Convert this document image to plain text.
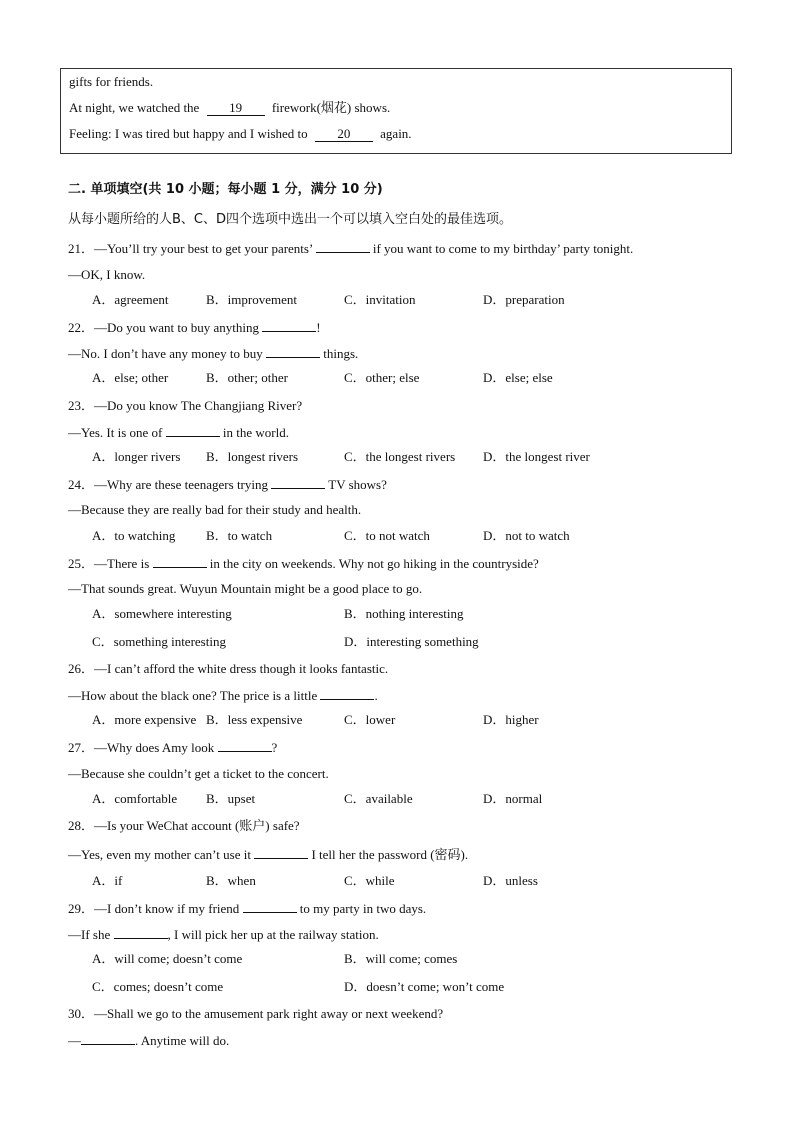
gifts for friends.
At night, we watched the 19 firework(烟花) shows.
Feeling: I was tired but happy and I wished to 20 again.
二. 单项填空(共 10 小题；每小题 1 分，满分 10 分)
从每小题所给的人B、C、D四个选项中选出一个可以填入空白处的最佳选项。
21．—You’ll try your best to get your parents’	if you want to come to my birthday’ party tonight.
—OK, I know.
A．agreement	B．improvement	C．invitation	D．preparation
22．—Do you want to buy anything	!
—No. I don’t have any money to buy	things.
A．else; other	B．other; other	C．other; else	D．else; else
23．—Do you know The Changjiang River?
—Yes. It is one of	in the world.
A．longer rivers B．longest rivers	C．the longest rivers D．the longest river
24．—Why are these teenagers trying	TV shows?
—Because they are really bad for their study and health.
A．to watching B．to watch	C．to not watch	D．not to watch
25．—There is	in the city on weekends. Why not go hiking in the countryside?
—That sounds great. Wuyun Mountain might be a good place to go.
A．somewhere interesting	B．nothing interesting
C．something interesting	D．interesting something
26．—I can’t afford the white dress though it looks fantastic.
—How about the black one? The price is a little	.
A．more expensive B．less expensive	C．lower	D．higher
27．—Why does Amy look	?
—Because she couldn’t get a ticket to the concert.
A．comfortable B．upset	C．available	D．normal
28．—Is your WeChat account (账户) safe?
—Yes, even my mother can’t use it	I tell her the password (密码).
A．if	B．when	C．while	D．unless
29．—I don’t know if my friend	to my party in two days.
—If she	, I will pick her up at the railway station.
A．will come; doesn’t come	B．will come; comes
C．comes; doesn’t come	D．doesn’t come; won’t come
30．—Shall we go to the amusement park right away or next weekend?
—	. Anytime will do.
